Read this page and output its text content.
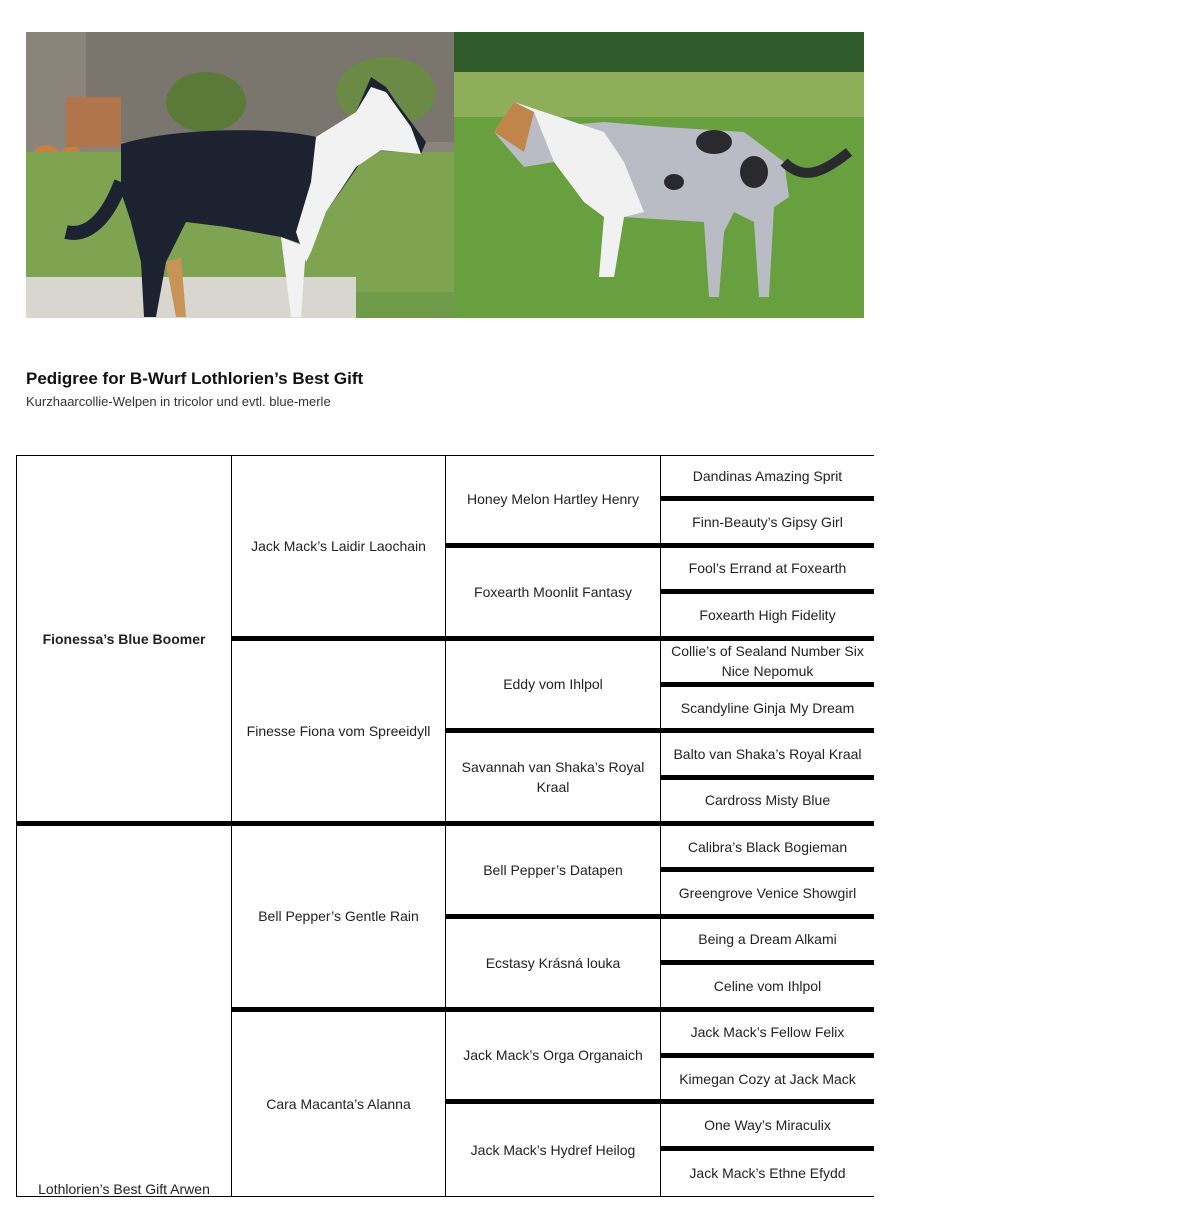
Pedigree for B-Wurf Lothlorien’s Best Gift
Kurzhaarcollie-Welpen in tricolor und evtl. blue-merle
Fionessa’s Blue Boomer
Lothlorien’s Best Gift Arwen
Jack Mack’s Laidir Laochain
Finesse Fiona vom Spreeidyll
Bell Pepper’s Gentle Rain
Cara Macanta’s Alanna
Honey Melon Hartley Henry
Foxearth Moonlit Fantasy
Eddy vom Ihlpol
Savannah van Shaka’s Royal Kraal
Bell Pepper’s Datapen
Ecstasy Krásná louka
Jack Mack’s Orga Organaich
Jack Mack’s Hydref Heilog
Dandinas Amazing Sprit
Finn-Beauty’s Gipsy Girl
Fool’s Errand at Foxearth
Foxearth High Fidelity
Collie’s of Sealand Number Six Nice Nepomuk
Scandyline Ginja My Dream
Balto van Shaka’s Royal Kraal
Cardross Misty Blue
Calibra’s Black Bogieman
Greengrove Venice Showgirl
Being a Dream Alkami
Celine vom Ihlpol
Jack Mack’s Fellow Felix
Kimegan Cozy at Jack Mack
One Way’s Miraculix
Jack Mack’s Ethne Efydd
